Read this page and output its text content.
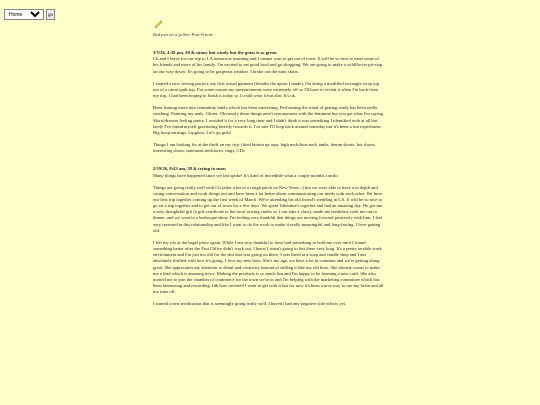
Home
go
Red pen on a yellow Post-It note
3/5/26, 4:39 pm, 60 & sunny but windy but the grass is so green

Ch and I leave for our trip to LA tomorrow morning and I cannot wait to get out of town. It will be so nice to meet some of his friends and more of his family. I'm excited to eat good food and go shopping. We are going to make a wildflower pit-stop on our way down. It's going to be gorgeous weather. I broke out the mini skirts.

I started a new sewing project, my first actual garment (besides the apron I made). I'm doing a modified rectangle wrap top out of a camo quilt top. For some reason my measurements were extremely off so I'll have to revisit it when I'm back from my trip, I had been hoping to finish it today so I could wear it but alas. It's ok.

Been leaning more into femininity lately which has been interesting. Performing the ritual of getting ready has been really soothing. Painting my nails. Glitter. Obviously these things aren't synonymous with the feminine but you get what I'm saying. Skirts/dresses feeling pretty. I avoided it for a very long time and I didn't think it was something I identified with at all but lately I've found myself gravitating heavily towards it. I'm sure I'll loop back around someday but it's been a fun experiment. Big hoop earrings. Lipgloss. Let's go girls!

Things I am looking for at the thrift on my trip: fitted button up tops, high neck/boat neck tanks, denim shorts, hot shorts, interesting shoes, statement necklaces, rings, CDs

2/19/26, 8:43 am, 38 & trying to snow

Many things have happened since we last spoke! It's kind of incredible what a couple months can do.

Things are going really well with Ch (after a bit of a rough patch on New Years...) but we were able to have a in depth and caring conversation and work things out and have been a lot better about communicating our needs with each other. We have our first trip together coming up the first week of March. We're attending his old friend's wedding in LA. It will be so nice to go on a trip together and to get out of town for a few days. We spent Valentine's together and had an amazing day. He got me a very thoughtful gift (a gift certificate to the local sewing studio so I can take a class), made me breakfast, took me out to dinner, and we went to a burlesque show. I'm feeling very thankful that things are moving forward positively with him, I feel very invested in this relationship and like I want to do the work to make it really meaningful and long-lasting. I love getting old.

I left my job at the bagel place again. While I am very thankful to have had something to hold me over until I found something better after the Post Office didn't work out, I knew I wasn't going to last there very long. It's a pretty terrible work environment and I'm just too old for the shit that was going on there. I was hired at a soap and candle shop and I am absolutely thrilled with how it's going. I love my new boss. She's my age, we have a lot in common and we're getting along great. She appreciates my attention to detail and creativity instead of stifling it like my old boss. She already wants to make me a lead which is amazing news. Making the products is so much fun and I'm happy to be learning a new craft. She also invited me to join the chamber of commerce for the town we're in and I'm helping with the marketing committee which has been interesting and rewarding. Idk how invested I want to get with it but for now it's been a nice way to use my brain and all my time off.

I started a new medication that is seemingly going really well. I haven't had any negative side effects yet,
